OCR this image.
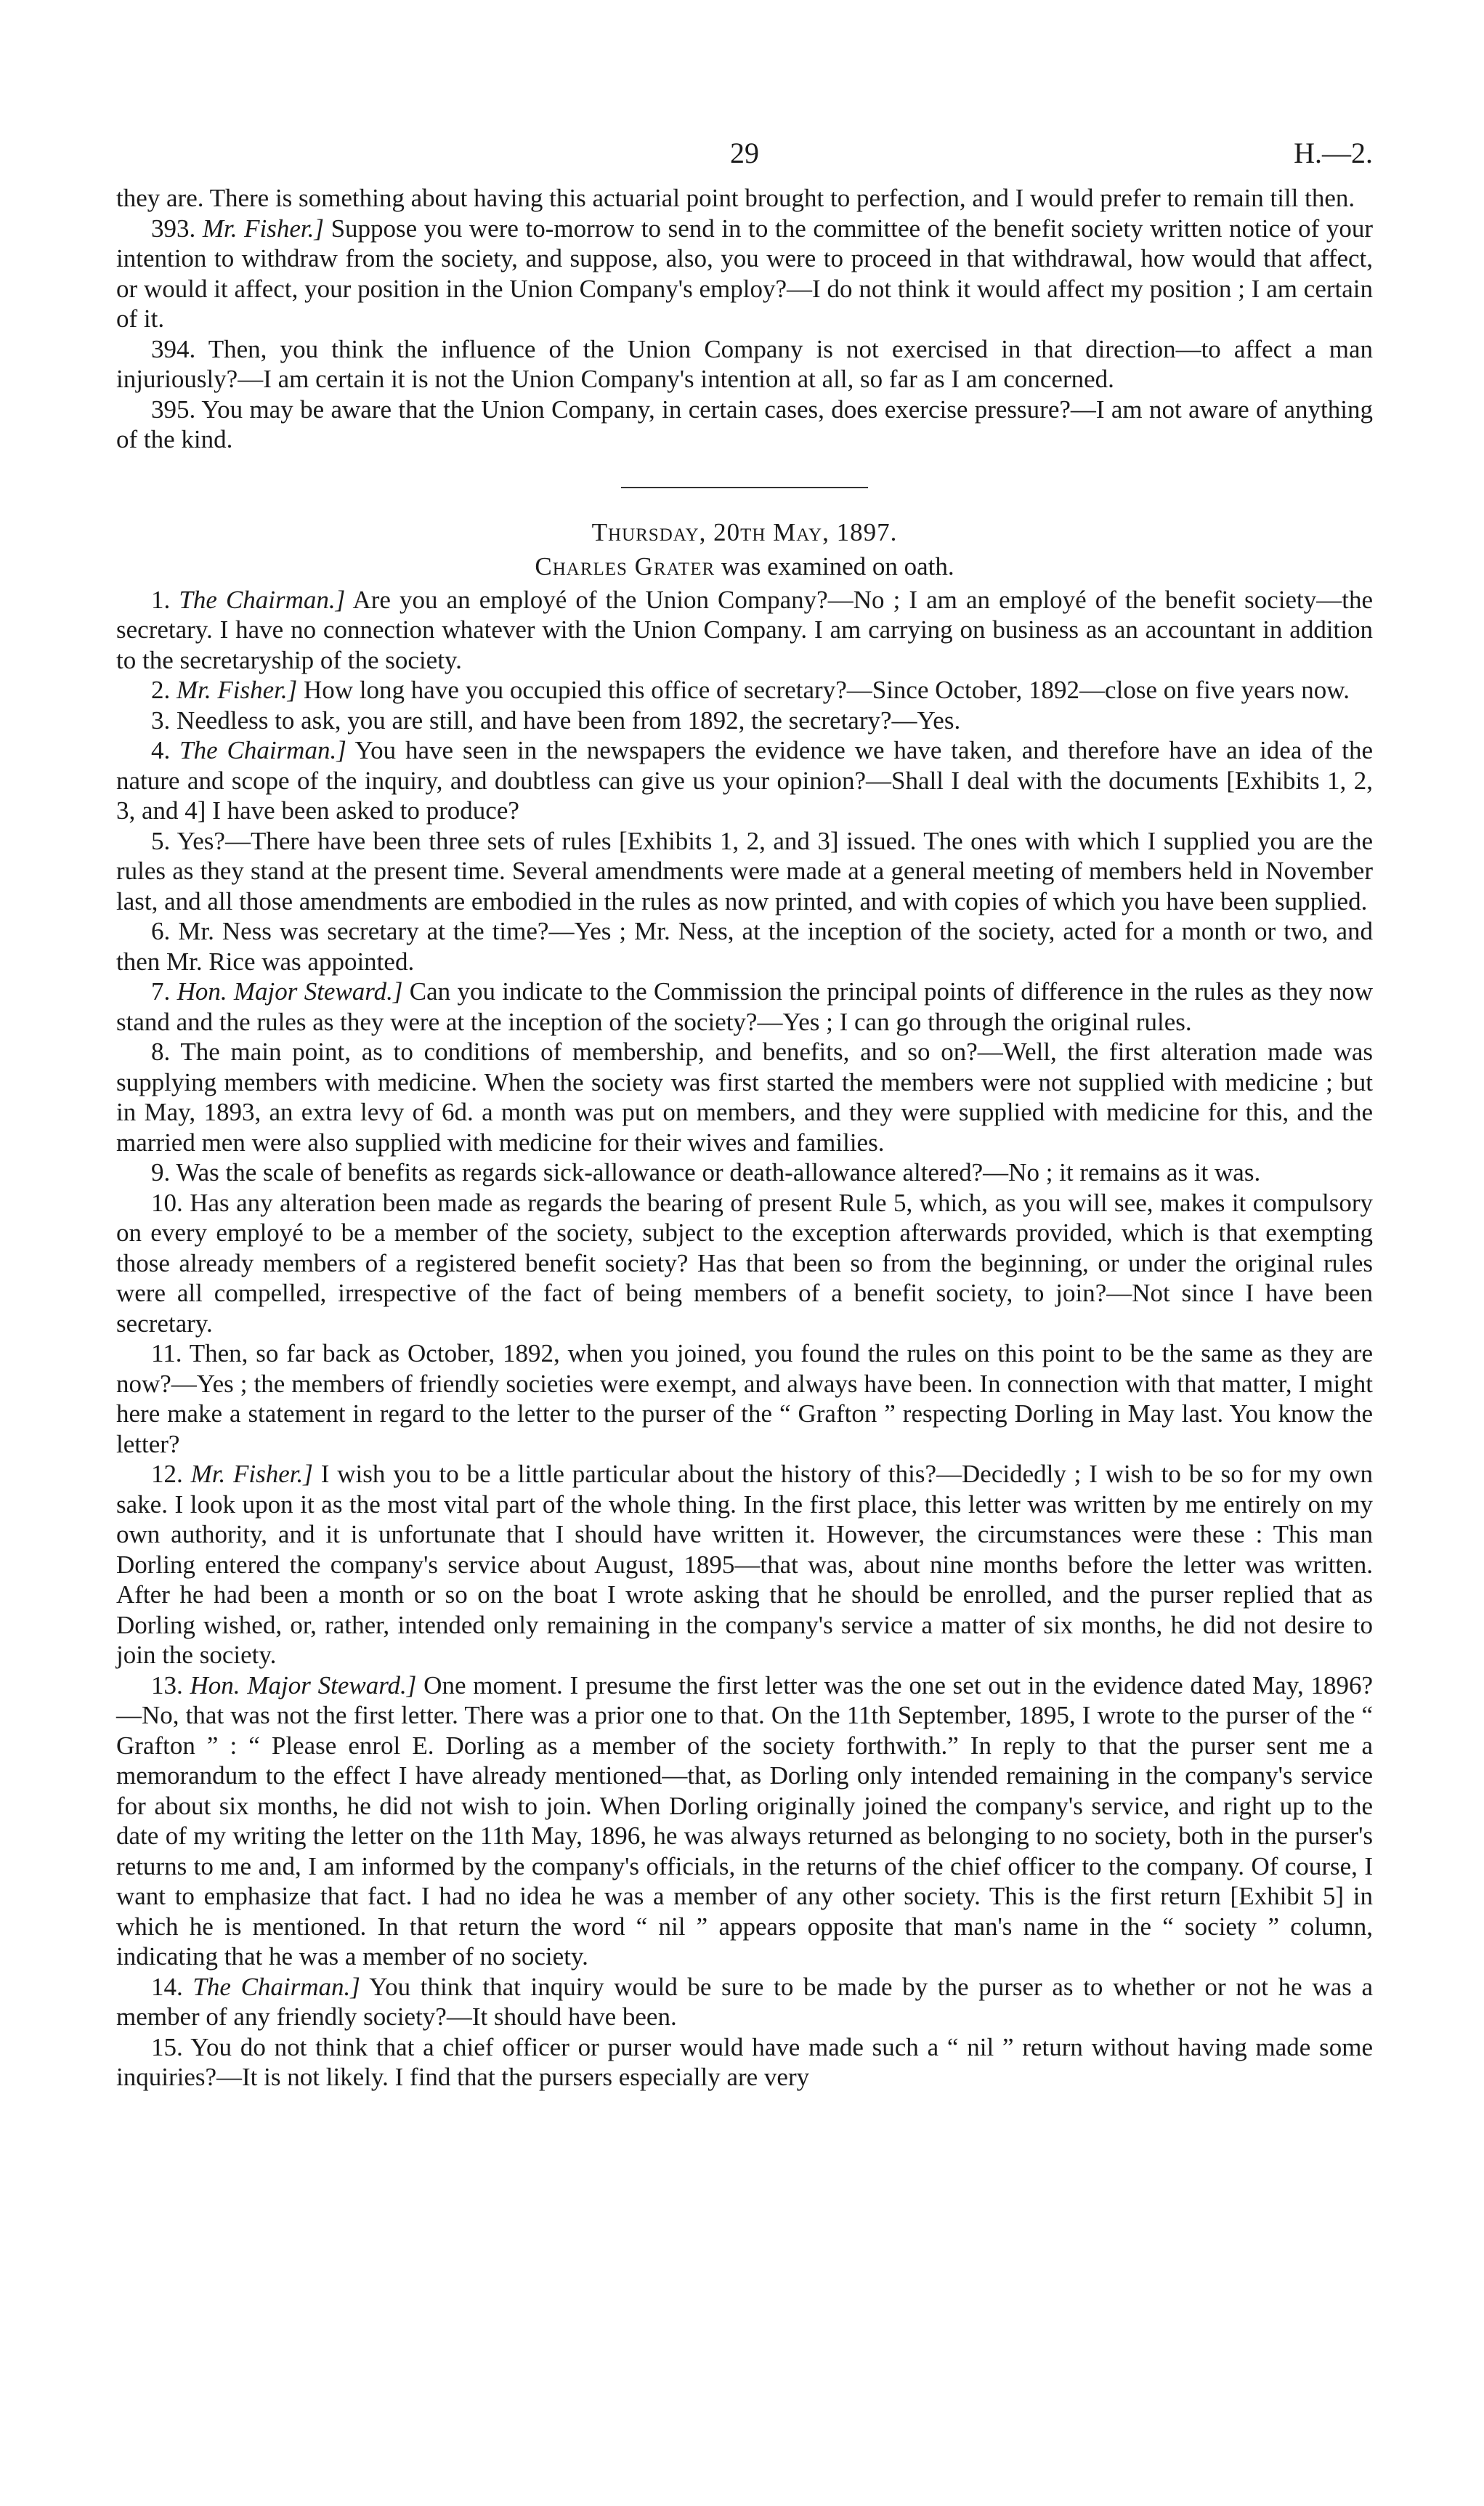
29	H.—2.

they are. There is something about having this actuarial point brought to perfection, and I would prefer to remain till then.

393. Mr. Fisher.] Suppose you were to-morrow to send in to the committee of the benefit society written notice of your intention to withdraw from the society, and suppose, also, you were to proceed in that withdrawal, how would that affect, or would it affect, your position in the Union Company's employ?—I do not think it would affect my position ; I am certain of it.

394. Then, you think the influence of the Union Company is not exercised in that direction—to affect a man injuriously?—I am certain it is not the Union Company's intention at all, so far as I am concerned.

395. You may be aware that the Union Company, in certain cases, does exercise pressure?—I am not aware of anything of the kind.

Thursday, 20th May, 1897.

Charles Grater was examined on oath.

1. The Chairman.] Are you an employé of the Union Company?—No ; I am an employé of the benefit society—the secretary. I have no connection whatever with the Union Company. I am carrying on business as an accountant in addition to the secretaryship of the society.

2. Mr. Fisher.] How long have you occupied this office of secretary?—Since October, 1892—close on five years now.

3. Needless to ask, you are still, and have been from 1892, the secretary?—Yes.

4. The Chairman.] You have seen in the newspapers the evidence we have taken, and therefore have an idea of the nature and scope of the inquiry, and doubtless can give us your opinion?—Shall I deal with the documents [Exhibits 1, 2, 3, and 4] I have been asked to produce?

5. Yes?—There have been three sets of rules [Exhibits 1, 2, and 3] issued. The ones with which I supplied you are the rules as they stand at the present time. Several amendments were made at a general meeting of members held in November last, and all those amendments are embodied in the rules as now printed, and with copies of which you have been supplied.

6. Mr. Ness was secretary at the time?—Yes ; Mr. Ness, at the inception of the society, acted for a month or two, and then Mr. Rice was appointed.

7. Hon. Major Steward.] Can you indicate to the Commission the principal points of difference in the rules as they now stand and the rules as they were at the inception of the society?—Yes ; I can go through the original rules.

8. The main point, as to conditions of membership, and benefits, and so on?—Well, the first alteration made was supplying members with medicine. When the society was first started the members were not supplied with medicine ; but in May, 1893, an extra levy of 6d. a month was put on members, and they were supplied with medicine for this, and the married men were also supplied with medicine for their wives and families.

9. Was the scale of benefits as regards sick-allowance or death-allowance altered?—No ; it remains as it was.

10. Has any alteration been made as regards the bearing of present Rule 5, which, as you will see, makes it compulsory on every employé to be a member of the society, subject to the exception afterwards provided, which is that exempting those already members of a registered benefit society? Has that been so from the beginning, or under the original rules were all compelled, irrespective of the fact of being members of a benefit society, to join?—Not since I have been secretary.

11. Then, so far back as October, 1892, when you joined, you found the rules on this point to be the same as they are now?—Yes ; the members of friendly societies were exempt, and always have been. In connection with that matter, I might here make a statement in regard to the letter to the purser of the “ Grafton ” respecting Dorling in May last. You know the letter?

12. Mr. Fisher.] I wish you to be a little particular about the history of this?—Decidedly ; I wish to be so for my own sake. I look upon it as the most vital part of the whole thing. In the first place, this letter was written by me entirely on my own authority, and it is unfortunate that I should have written it. However, the circumstances were these : This man Dorling entered the company's service about August, 1895—that was, about nine months before the letter was written. After he had been a month or so on the boat I wrote asking that he should be enrolled, and the purser replied that as Dorling wished, or, rather, intended only remaining in the company's service a matter of six months, he did not desire to join the society.

13. Hon. Major Steward.] One moment. I presume the first letter was the one set out in the evidence dated May, 1896?—No, that was not the first letter. There was a prior one to that. On the 11th September, 1895, I wrote to the purser of the “ Grafton ” : “ Please enrol E. Dorling as a member of the society forthwith.” In reply to that the purser sent me a memorandum to the effect I have already mentioned—that, as Dorling only intended remaining in the company's service for about six months, he did not wish to join. When Dorling originally joined the company's service, and right up to the date of my writing the letter on the 11th May, 1896, he was always returned as belonging to no society, both in the purser's returns to me and, I am informed by the company's officials, in the returns of the chief officer to the company. Of course, I want to emphasize that fact. I had no idea he was a member of any other society. This is the first return [Exhibit 5] in which he is mentioned. In that return the word “ nil ” appears opposite that man's name in the “ society ” column, indicating that he was a member of no society.

14. The Chairman.] You think that inquiry would be sure to be made by the purser as to whether or not he was a member of any friendly society?—It should have been.

15. You do not think that a chief officer or purser would have made such a “ nil ” return without having made some inquiries?—It is not likely. I find that the pursers especially are very
